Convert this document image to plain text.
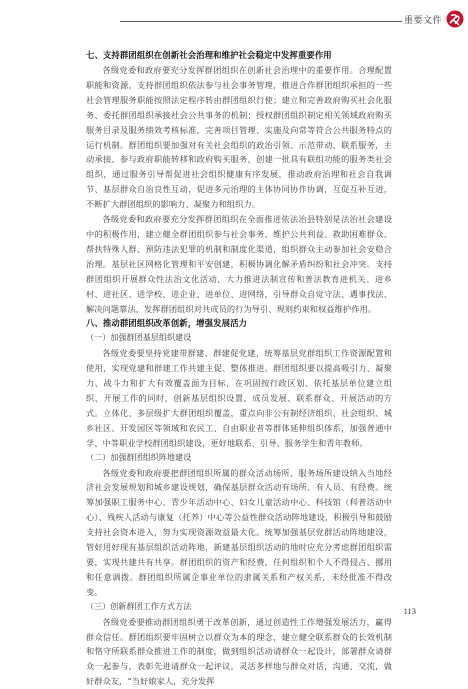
重要文件

七、支持群团组织在创新社会治理和维护社会稳定中发挥重要作用

各级党委和政府要充分发挥群团组织在创新社会治理中的重要作用。合理配置职能和资源，支持群团组织依法参与社会事务管理，推进合作群团组织承担的一些社会管理服务职能按照法定程序转由群团组织行使；建立和完善政府购买社会化服务、委托群团组织承接社会公共事务的机制；授权群团组织制定相关领域政府购买服务目录及服务绩效考核标准，完善项目管理、实施及向常等符合公共服务特点的运行机制。群团组织要加强对有关社会组织的政治引领、示范带动、联系服务，主动承接、参与政府职能转移和政府购买服务，创建一批具有联组功能的服务类社会组织，通过服务引导帮促进社会组织健康有序发展，推动政府治理和社会自我调节、基层群众自治良性互动，促进多元治理的主体协同协作协调，互促互补互进，不断扩大群团组织的影响力、凝聚力和组织力。

各级党委和政府要充分发挥群团组织在全面推进依法治县特别是法治社会建设中的积极作用，建立健全群团组织参与社会事务、维护公共利益、救助困难群众、帮扶特殊人群、预防违法犯罪的机制和制度化渠道，组织群众主动参加社会安稳合治理。基层社区网格化管理和平安创建，积极协调化解矛盾纠纷和社会冲突。支持群团组织开展群众性法治文化活动，大力推进法制宣传和普法教育进机关、进乡村、进社区、进学校、进企业、进单位、进网络，引导群众自觉守法、遇事找法、解决问题靠法，发挥群团组织对共成员的行为导引、规则约束和权益维护作用。

八、推动群团组织改革创新，增强发展活力

（一）加强群团基层组织建设

各级党委要坚持党建带群建、群建促党建，统筹基层党群组织工作资源配置和使用，实现党建和群建工作共建主促、整体推进。群团组织要以提高吸引力、凝聚力、战斗力和扩大有效覆盖面为目标，在巩固按行政区划、依托基层单位建立组织、开展工作的同时，创新基层组织设置，成员发展、联系群众、开展活动的方式。立体化、多层级扩大群团组织覆盖，重点向非公有制经济组织、社会组织、城乡社区、开发园区等领域和农民工、自由职业者等群体延伸组织体系，加强普通中学、中等职业学校群团组织建设，更好地联系、引导、服务学生和青年教师。

（二）加强群团组织阵地建设

各级党委和政府要把群团组织所属的群众活动场所、服务场所建设纳入当地经济社会发展规划和城乡建设规划，确保基层群众活动有场所、有人员、有经费。统筹加强职工服务中心、青少年活动中心、妇女儿童活动中心、科技馆（科普活动中心）、残疾人活动与康复（托养）中心等公益性群众活动阵地建设，积极引导和鼓励支持社会资本进入，努力实现资源效益最大化。统筹加强基层党群活动阵地建设，管好用好现有基层组织活动阵地，新建基层组织活动的地时应充分考虑群团组织需要，实现共建共有共享。群团组织的资产和经费，任何组织和个人不得侵占、挪用和任意调拨。群团组织所属企事业单位的隶属关系和产权关系，未经批准不得改变。

（三）创新群团工作方式方法

各级党委要推动群团组织勇于改革创新，通过创造性工作增强发展活力，赢得群众信任。群团组织要牢固树立以群众为本的理念，建立健全联系群众的长效机制和恪守所联系群众推进工作的制度，做到组织活动请群众一起设计，部署群众请群众一起参与，表彰先进请群众一起评议，灵活多样地与群众对话，沟通、交流，做好群众友，“当好娘家人，充分发挥

113
